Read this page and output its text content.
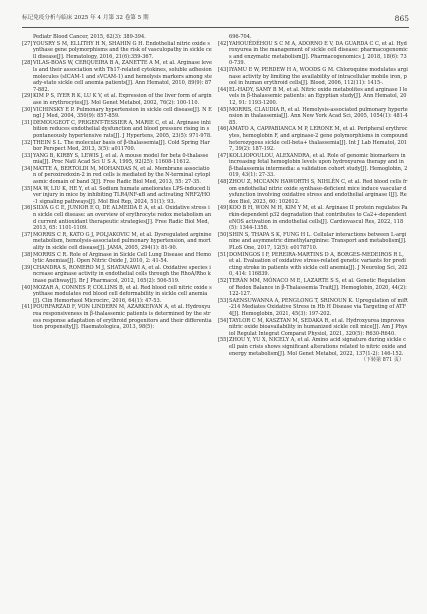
标记免疫分析与临床 2025 年 4 月第 32 卷第 5 期	865

Pediatr Blood Cancer, 2015, 62(3): 389-394.

[27] YOUSRY S M, ELLITHY H N, SHAHIN G H. Endothelial nitric oxide synthase gene polymorphisms and the risk of vasculopathy in sickle cell disease[J]. Hematology, 2016, 21(6):359-367.

[28] VILAS-BOAS W, CERQUEIRA B A, ZANETTE A M, et al. Arginase levels and their association with Th17-related cytokines, soluble adhesion molecules (sICAM-1 and sVCAM-1) and hemolysis markers among steady-state sickle cell anemia patients[J]. Ann Hematol, 2010, 89(9): 877-882.

[29] KIM P S, IYER R K, LU K V, et al. Expression of the liver form of arginase in erythrocytes[J]. Mol Genet Metabol, 2002, 76(2): 100-110.

[30] VICHINSKY E P. Pulmonary hypertension in sickle cell disease[J]. N Engl J Med, 2004, 350(9): 857-859.

[31] DEMOUGEOT C, PRIGENT-TESSIER A, MARIE C, et al. Arginase inhibition reduces endothelial dysfunction and blood pressure rising in spontaneously hypertensive rats[J]. J Hypertens, 2005, 23(5): 971-978.

[32] THEIN S L. The molecular basis of β-thalassemia[J]. Cold Spring Harbor Perspect Med, 2013, 3(5): a011700.

[33] YANG B, KIRBY S, LEWIS J, et al. A mouse model for beta 0-thalassemia[J]. Proc Natl Acad Sci U S A, 1995, 92(25): 11608-11612.

[34] MATTE A, BERTOLDI M, MOHANDAS N, et al. Membrane association of peroxiredoxin-2 in red cells is mediated by the N-terminal cytoplasmic domain of band 3[J]. Free Radic Biol Med, 2013, 55: 27-35.

[35] MA W, LIU K, HE Y, et al. Sodium humate ameliorates LPS-induced liver injury in mice by inhibiting TLR4/NF-κB and activating NRF2/HO-1 signaling pathways[J]. Mol Biol Rep, 2024, 51(1): 93.

[36] SILVA G C E, JUNIOR E O, DE ALMEIDA E A, et al. Oxidative stress in sickle cell disease: an overview of erythrocyte redox metabolism and current antioxidant therapeutic strategies[J]. Free Radic Biol Med, 2013, 65: 1101-1109.

[37] MORRIS C R, KATO G J, POLJAKOVIC M, et al. Dysregulated arginine metabolism, hemolysis-associated pulmonary hypertension, and mortality in sickle cell disease[J]. JAMA, 2005, 294(1): 81-90.

[38] MORRIS C R. Role of Arginase in Sickle Cell Lung Disease and Hemolytic Anemias[J]. Open Nitric Oxide J, 2010, 2: 41-54.

[39] CHANDRA S, ROMERO M J, SHATANAWI A, et al. Oxidative species increase arginase activity in endothelial cells through the RhoA/Rho kinase pathway[J]. Br J Pharmacol, 2012, 165(2): 506-519.

[40] MOZAR A, CONNES P, COLLINS B, et al. Red blood cell nitric oxide synthase modulates red blood cell deformability in sickle cell anemia[J]. Clin Hemorheol Microcirc, 2016, 64(1): 47-53.

[41] POURFARZAD F, VON LINDERN M, AZARKEIVAN A, et al. Hydroxyurea responsiveness in β-thalassemic patients is determined by the stress response adaptation of erythroid progenitors and their differentiation propensity[J]. Haematologica, 2013, 98(5):

696-704.

[42] YAHOUÉDÉHOU S C M A, ADORNO E V, DA GUARDA C C, et al. Hydroxyurea in the management of sickle cell disease: pharmacogenomics and enzymatic metabolism[J]. Pharmacogenomics J, 2018, 18(6): 730-739.

[43] IYAMU E W, PERDEW H A, WOODS G M. Chloroquine modulates arginase activity by limiting the availability of intracellular mobile iron, pool in human erythroid cells[J]. Blood, 2006, 112(11): 1415-.

[44] EL-HADY, SAMY B M, et al. Nitric oxide metabolites and arginase I levels in β-thalassemic patients: an Egyptian study[J]. Ann Hematol, 2012, 91: 1193-1200.

[45] MORRIS, CLAUDIA R, et al. Hemolysis-associated pulmonary hypertension in thalassemia[J]. Ann New York Acad Sci, 2005, 1054(1): 481-485.

[46] AMATO A, CAPPABIANCA M P, LERONE M, et al. Peripheral erythrocytes, hemoglobin F, and arginase-2 gene polymorphisms in compound heterozygous sickle cell-beta+ thalassemia[J]. Int J Lab Hematol, 2017, 39(2): 187-192.

[47] KOLLIOPOULOU, ALEXANDRA, et al. Role of genomic biomarkers in increasing fetal hemoglobin levels upon hydroxyurea therapy and in β-thalassemia intermedia: a validation cohort study[J]. Hemoglobin, 2019, 43(1): 27-33.

[48] ZHOU Z, MCCANN HAWORTH S, NIHLÉN C, et al. Red blood cells from endothelial nitric oxide synthase-deficient mice induce vascular dysfunction involving oxidative stress and endothelial arginase I[J]. Redox Biol, 2023, 60: 102612.

[49] KOO B H, WON M H, KIM Y M, et al. Arginase II protein regulates Parkin-dependent p32 degradation that contributes to Ca2+-dependent eNOS activation in endothelial cells[J]. Cardiovascul Res, 2022, 118(5): 1344-1358.

[50] SHIN S, THAPA S K, FUNG H L. Cellular interactions between L-arginine and asymmetric dimethylarginine: Transport and metabolism[J]. PLoS One, 2017, 12(5): e0178710.

[51] DOMINGOS I F, PEREIRA-MARTINS D A, BORGES-MEDEIROS R L, et al. Evaluation of oxidative stress-related genetic variants for predicting stroke in patients with sickle cell anemia[J]. J Neurolog Sci, 2020, 414: 116839.

[52] TERÁN MM, MÓNACO M E, LAZARTE S S, et al. Genetic Regulation of Redox Balance in β-Thalassemia Trait[J]. Hemoglobin, 2020, 44(2): 122-127.

[53] SAENSUWANNA A, PENGLONG T, SRINOUN K. Upregulation of miR-214 Mediates Oxidative Stress in Hb H Disease via Targeting of ATF4[J]. Hemoglobin, 2021, 45(3): 197-202.

[54] TAYLOR C M, KASZTAN M, SEDAKA R, et al. Hydroxyurea improves nitric oxide bioavailability in humanized sickle cell mice[J]. Am J Physiol Regulat Integrat Comparat Physiol, 2021, 320(5): R630-R640.

[55] ZHOU Y, YU X, NICELY A, et al. Amino acid signature during sickle cell pain crisis shows significant alterations related to nitric oxide and energy metabolism[J]. Mol Genet Metabol, 2022, 137(1-2): 146-152.

（下转第 871 页）
